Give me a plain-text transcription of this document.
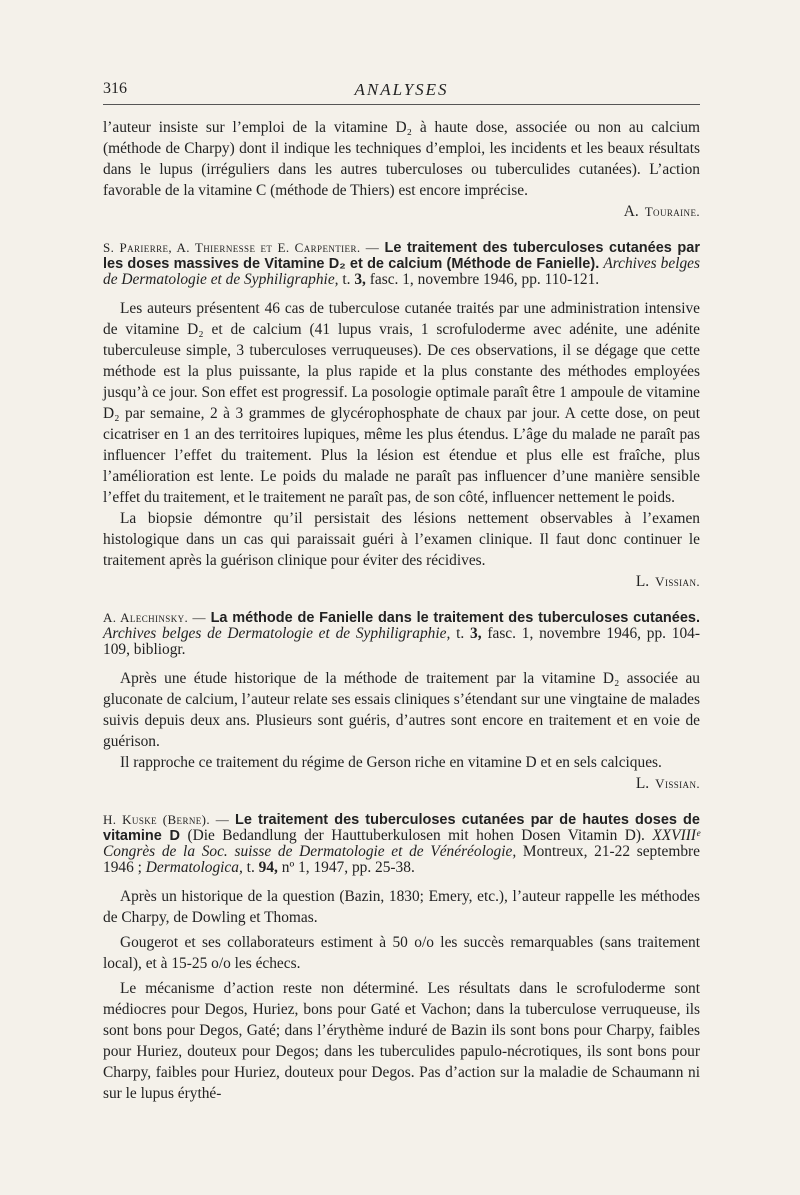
316	ANALYSES

l’auteur insiste sur l’emploi de la vitamine D₂ à haute dose, associée ou non au calcium (méthode de Charpy) dont il indique les techniques d’emploi, les incidents et les beaux résultats dans le lupus (irréguliers dans les autres tuberculoses ou tuberculides cutanées). L’action favorable de la vitamine C (méthode de Thiers) est encore imprécise.

A. Touraine.

S. Parierre, A. Thiernesse et E. Carpentier. — Le traitement des tuberculoses cutanées par les doses massives de Vitamine D₂ et de calcium (Méthode de Fanielle). Archives belges de Dermatologie et de Syphiligraphie, t. 3, fasc. 1, novembre 1946, pp. 110-121.

Les auteurs présentent 46 cas de tuberculose cutanée traités par une administration intensive de vitamine D₂ et de calcium (41 lupus vrais, 1 scrofuloderme avec adénite, une adénite tuberculeuse simple, 3 tuberculoses verruqueuses). De ces observations, il se dégage que cette méthode est la plus puissante, la plus rapide et la plus constante des méthodes employées jusqu’à ce jour. Son effet est progressif. La posologie optimale paraît être 1 ampoule de vitamine D₂ par semaine, 2 à 3 grammes de glycérophosphate de chaux par jour. A cette dose, on peut cicatriser en 1 an des territoires lupiques, même les plus étendus. L’âge du malade ne paraît pas influencer l’effet du traitement. Plus la lésion est étendue et plus elle est fraîche, plus l’amélioration est lente. Le poids du malade ne paraît pas influencer d’une manière sensible l’effet du traitement, et le traitement ne paraît pas, de son côté, influencer nettement le poids.

La biopsie démontre qu’il persistait des lésions nettement observables à l’examen histologique dans un cas qui paraissait guéri à l’examen clinique. Il faut donc continuer le traitement après la guérison clinique pour éviter des récidives.

L. Vissian.

A. Alechinsky. — La méthode de Fanielle dans le traitement des tuberculoses cutanées. Archives belges de Dermatologie et de Syphiligraphie, t. 3, fasc. 1, novembre 1946, pp. 104-109, bibliogr.

Après une étude historique de la méthode de traitement par la vitamine D₂ associée au gluconate de calcium, l’auteur relate ses essais cliniques s’étendant sur une vingtaine de malades suivis depuis deux ans. Plusieurs sont guéris, d’autres sont encore en traitement et en voie de guérison.

Il rapproche ce traitement du régime de Gerson riche en vitamine D et en sels calciques.

L. Vissian.

H. Kuske (Berne). — Le traitement des tuberculoses cutanées par de hautes doses de vitamine D (Die Bedandlung der Hauttuberkulosen mit hohen Dosen Vitamin D). XXVIIIᵉ Congrès de la Soc. suisse de Dermatologie et de Vénéréologie, Montreux, 21-22 septembre 1946 ; Dermatologica, t. 94, nº 1, 1947, pp. 25-38.

Après un historique de la question (Bazin, 1830; Emery, etc.), l’auteur rappelle les méthodes de Charpy, de Dowling et Thomas.

Gougerot et ses collaborateurs estiment à 50 o/o les succès remarquables (sans traitement local), et à 15-25 o/o les échecs.

Le mécanisme d’action reste non déterminé. Les résultats dans le scrofuloderme sont médiocres pour Degos, Huriez, bons pour Gaté et Vachon; dans la tuberculose verruqueuse, ils sont bons pour Degos, Gaté; dans l’érythème induré de Bazin ils sont bons pour Charpy, faibles pour Huriez, douteux pour Degos; dans les tuberculides papulo-nécrotiques, ils sont bons pour Charpy, faibles pour Huriez, douteux pour Degos. Pas d’action sur la maladie de Schaumann ni sur le lupus érythé-
